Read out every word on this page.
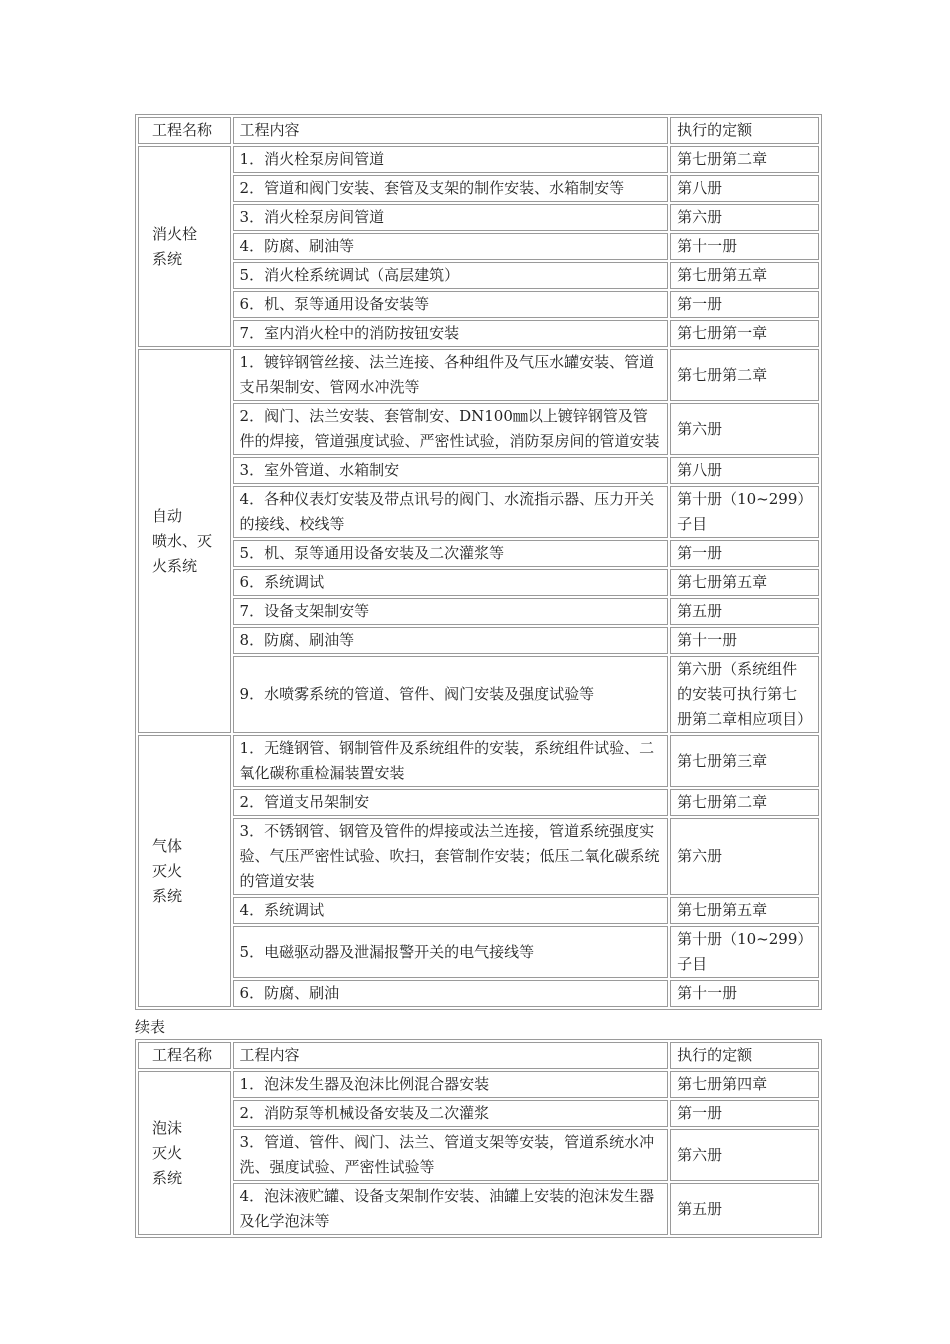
工程名称	工程内容	执行的定额

消火栓
系统	1．消火栓泵房间管道	第七册第二章
	2．管道和阀门安装、套管及支架的制作安装、水箱制安等	第八册
	3．消火栓泵房间管道	第六册
	4．防腐、刷油等	第十一册
	5．消火栓系统调试（高层建筑）	第七册第五章
	6．机、泵等通用设备安装等	第一册
	7．室内消火栓中的消防按钮安装	第七册第一章

自动
喷水、灭
火系统	1．镀锌钢管丝接、法兰连接、各种组件及气压水罐安装、管道支吊架制安、管网水冲洗等	第七册第二章
	2．阀门、法兰安装、套管制安、DN100㎜以上镀锌钢管及管件的焊接，管道强度试验、严密性试验，消防泵房间的管道安装	第六册
	3．室外管道、水箱制安	第八册
	4．各种仪表灯安装及带点讯号的阀门、水流指示器、压力开关的接线、校线等	第十册（10~299）子目
	5．机、泵等通用设备安装及二次灌浆等	第一册
	6．系统调试	第七册第五章
	7．设备支架制安等	第五册
	8．防腐、刷油等	第十一册
	9．水喷雾系统的管道、管件、阀门安装及强度试验等	第六册（系统组件的安装可执行第七册第二章相应项目）

气体
灭火
系统	1．无缝钢管、钢制管件及系统组件的安装，系统组件试验、二氧化碳称重检漏装置安装	第七册第三章
	2．管道支吊架制安	第七册第二章
	3．不锈钢管、钢管及管件的焊接或法兰连接，管道系统强度实验、气压严密性试验、吹扫，套管制作安装；低压二氧化碳系统的管道安装	第六册
	4．系统调试	第七册第五章
	5．电磁驱动器及泄漏报警开关的电气接线等	第十册（10~299）子目
	6．防腐、刷油	第十一册
续表
工程名称	工程内容	执行的定额

泡沫
灭火
系统	1．泡沫发生器及泡沫比例混合器安装	第七册第四章
	2．消防泵等机械设备安装及二次灌浆	第一册
	3．管道、管件、阀门、法兰、管道支架等安装，管道系统水冲洗、强度试验、严密性试验等	第六册
	4．泡沫液贮罐、设备支架制作安装、油罐上安装的泡沫发生器及化学泡沫等	第五册
